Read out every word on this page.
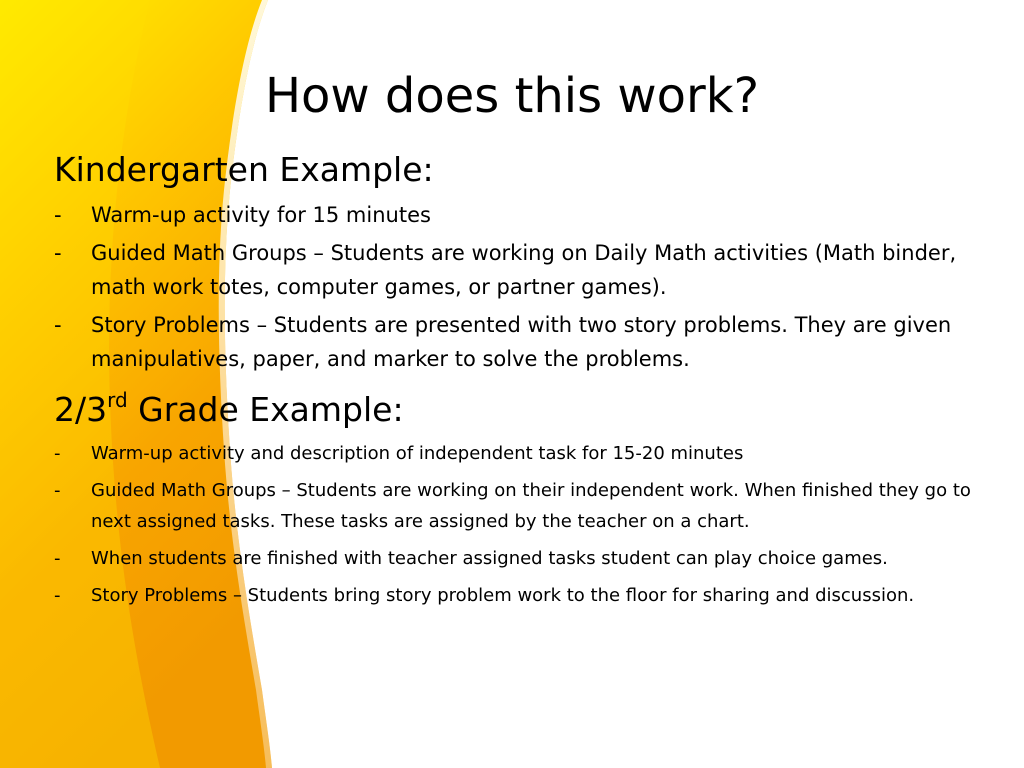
How does this work?
Kindergarten Example:
- Warm-up activity for 15 minutes
- Guided Math Groups – Students are working on Daily Math activities (Math binder, math work totes, computer games, or partner games).
- Story Problems – Students are presented with two story problems. They are given manipulatives, paper, and marker to solve the problems.
2/3rd Grade Example:
- Warm-up activity and description of independent task for 15-20 minutes
- Guided Math Groups – Students are working on their independent work. When finished they go to next assigned tasks. These tasks are assigned by the teacher on a chart.
- When students are finished with teacher assigned tasks student can play choice games.
- Story Problems – Students bring story problem work to the floor for sharing and discussion.
